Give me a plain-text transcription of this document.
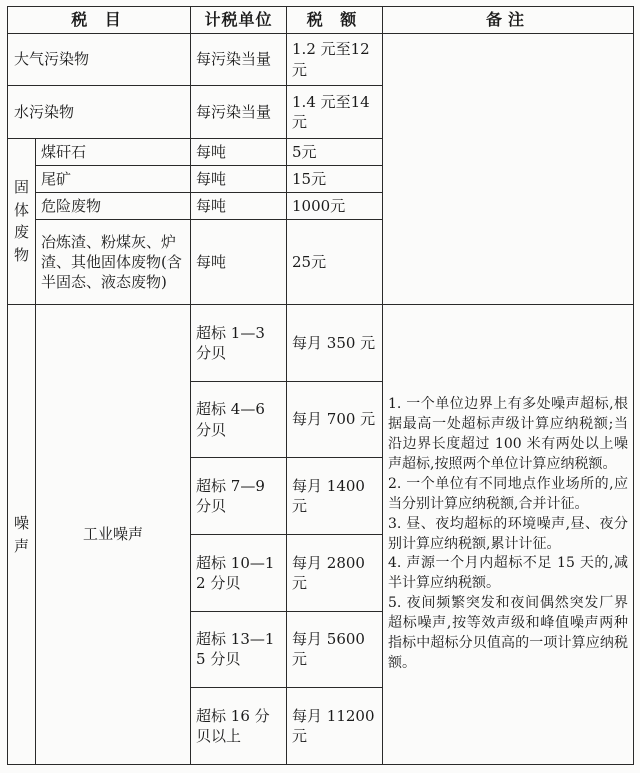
税 目		计税单位	税 额	备注
大气污染物		每污染当量	1.2 元至12元	
水污染物		每污染当量	1.4 元至14元	
固体废物	煤矸石	每吨	5元	
	尾矿	每吨	15元	
	危险废物	每吨	1000元	
	冶炼渣、粉煤灰、炉渣、其他固体废物(含半固态、液态废物)	每吨	25元	
噪声	工业噪声	超标 1—3 分贝	每月 350 元	1. 一个单位边界上有多处噪声超标,根据最高一处超标声级计算应纳税额;当沿边界长度超过 100 米有两处以上噪声超标,按照两个单位计算应纳税额。

2. 一个单位有不同地点作业场所的,应当分别计算应纳税额,合并计征。

3. 昼、夜均超标的环境噪声,昼、夜分别计算应纳税额,累计计征。

4. 声源一个月内超标不足 15 天的,减半计算应纳税额。

5. 夜间频繁突发和夜间偶然突发厂界超标噪声,按等效声级和峰值噪声两种指标中超标分贝值高的一项计算应纳税额。

		超标 4—6 分贝	每月 700 元	
		超标 7—9 分贝	每月 1400 元	
		超标 10—12 分贝	每月 2800 元	
		超标 13—15 分贝	每月 5600 元	
		超标 16 分贝以上	每月 11200 元	
